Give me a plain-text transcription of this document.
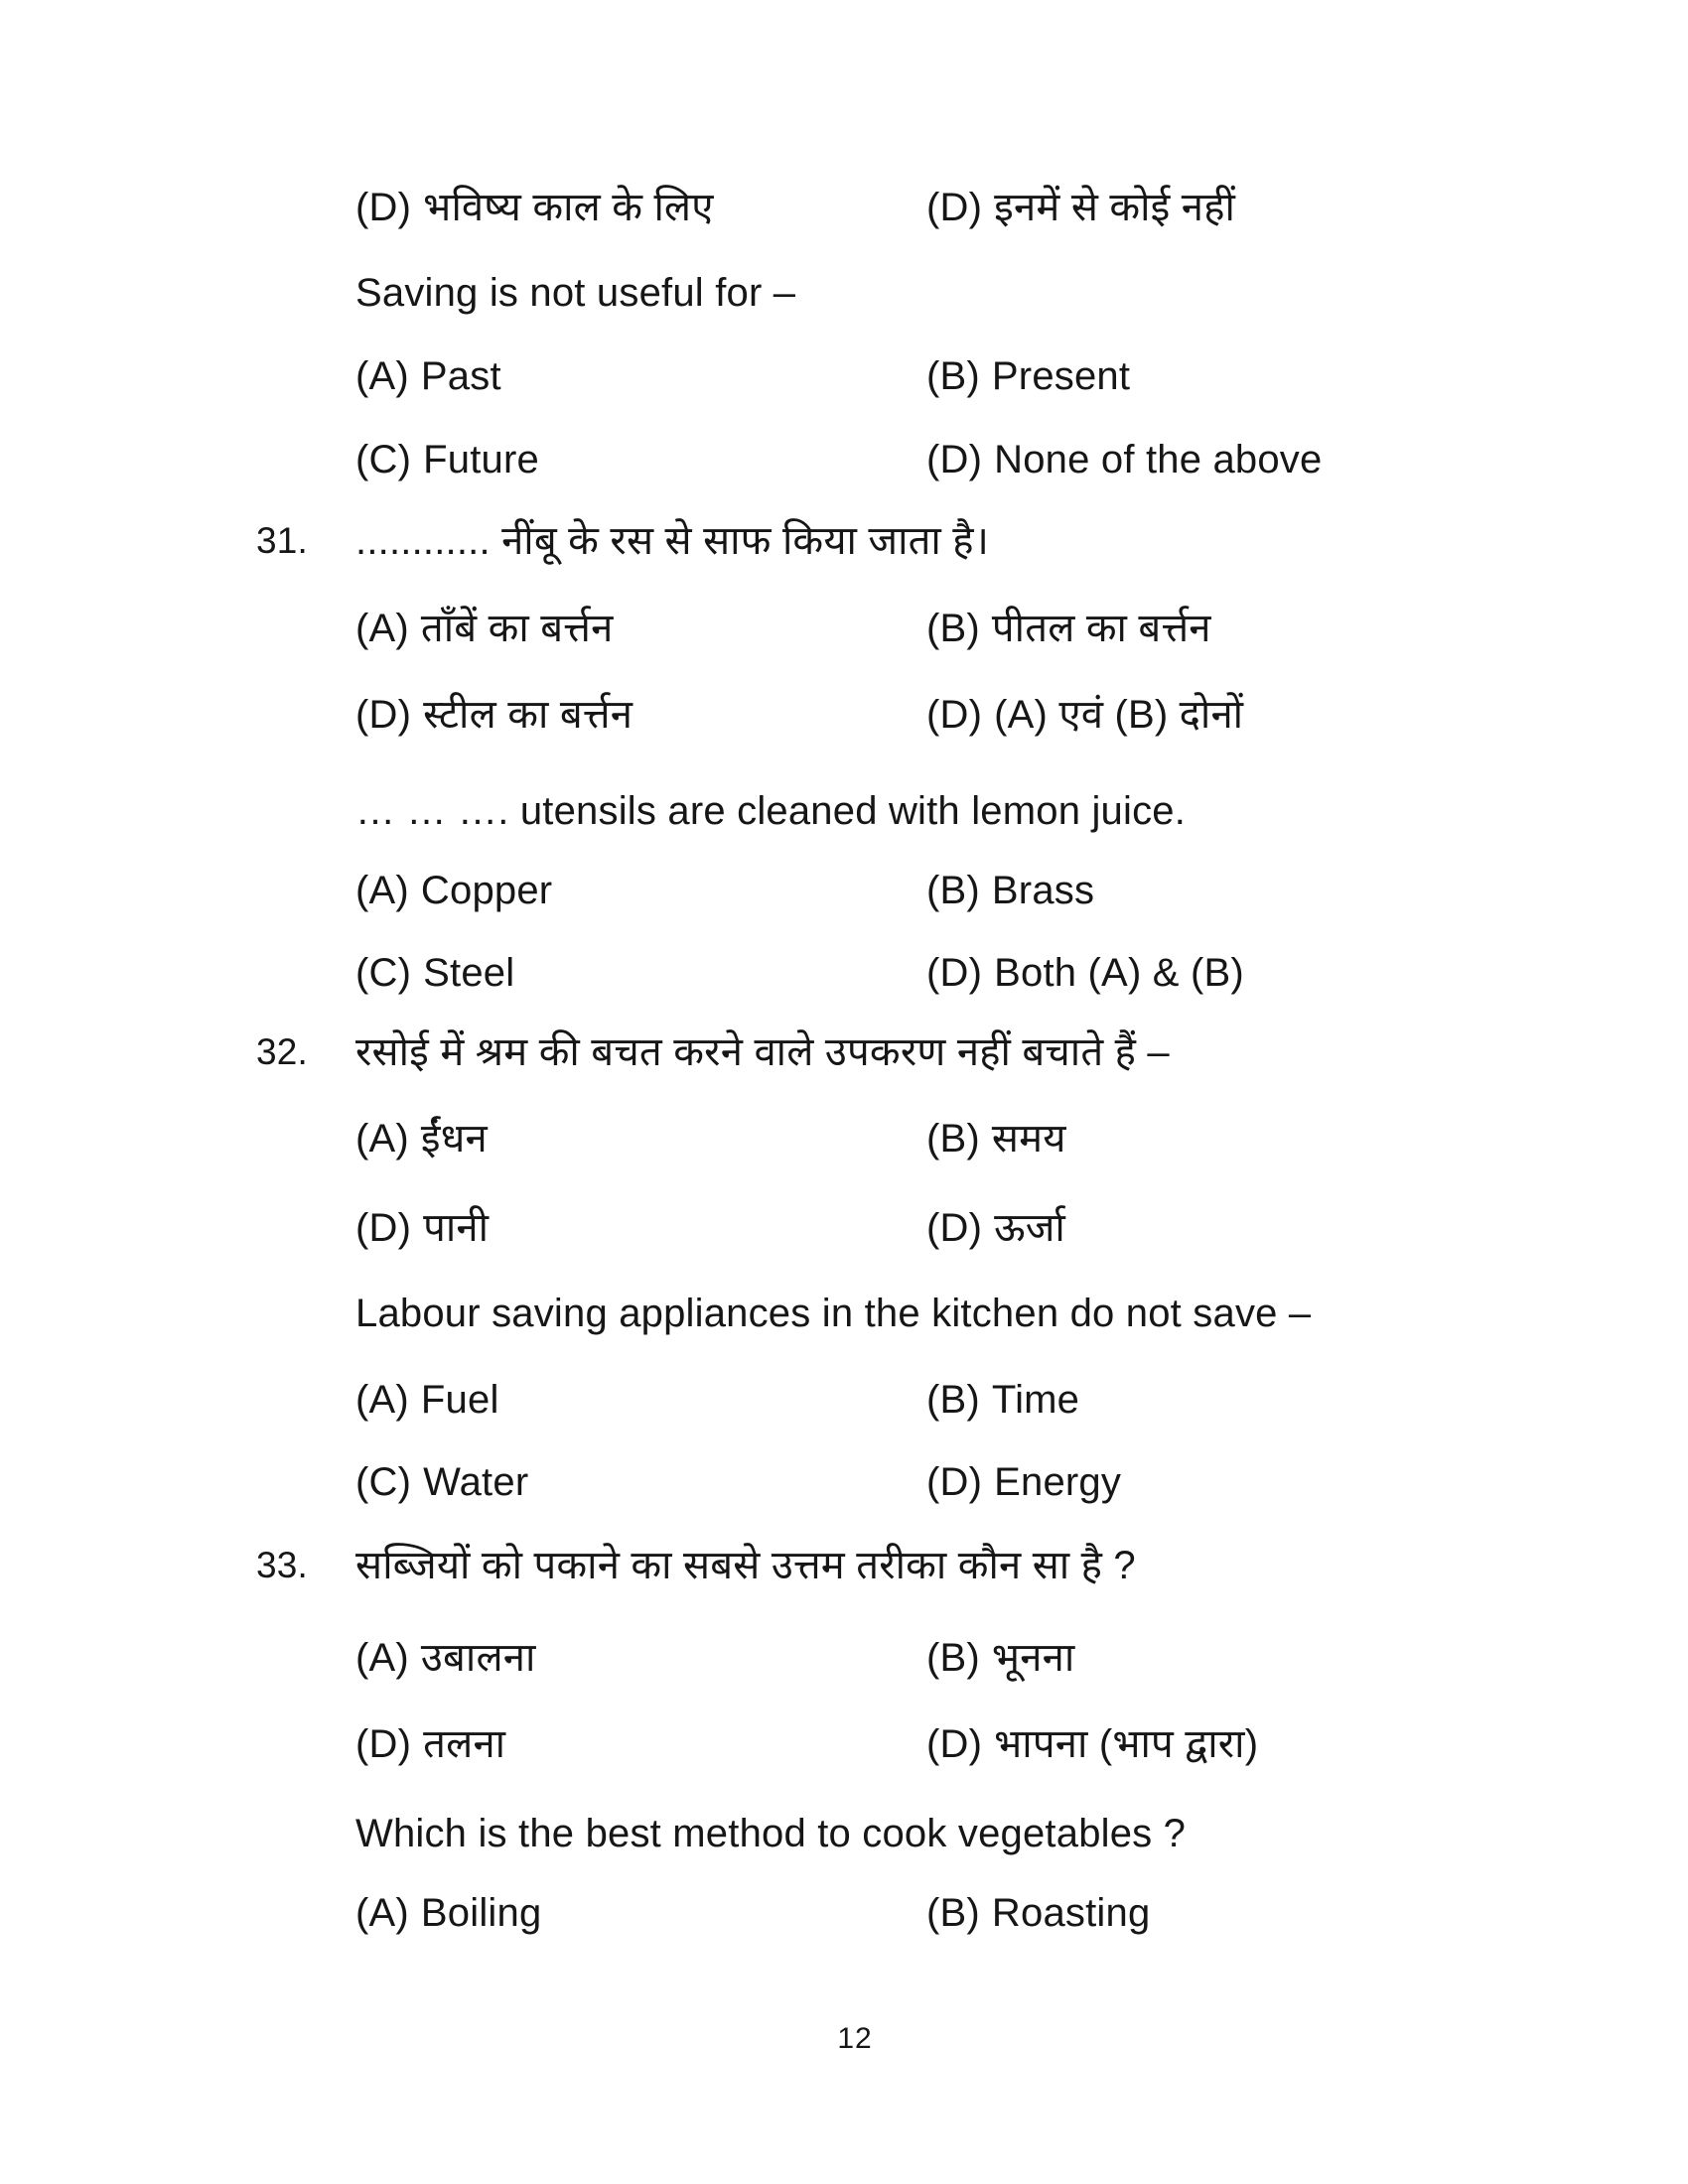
(D) भविष्य काल के लिए	(D) इनमें से कोई नहीं
Saving is not useful for –
(A) Past	(B) Present
(C) Future	(D) None of the above
31. ............ नींबू के रस से साफ किया जाता है।
(A) ताँबें का बर्त्तन	(B) पीतल का बर्त्तन
(D) स्टील का बर्त्तन	(D) (A) एवं (B) दोनों
… … …. utensils are cleaned with lemon juice.
(A) Copper	(B) Brass
(C) Steel	(D) Both (A) & (B)
32. रसोई में श्रम की बचत करने वाले उपकरण नहीं बचाते हैं –
(A) ईंधन	(B) समय
(D) पानी	(D) ऊर्जा
Labour saving appliances in the kitchen do not save –
(A) Fuel	(B) Time
(C) Water	(D) Energy
33. सब्जियों को पकाने का सबसे उत्तम तरीका कौन सा है ?
(A) उबालना	(B) भूनना
(D) तलना	(D) भापना (भाप द्वारा)
Which is the best method to cook vegetables ?
(A) Boiling	(B) Roasting
12
